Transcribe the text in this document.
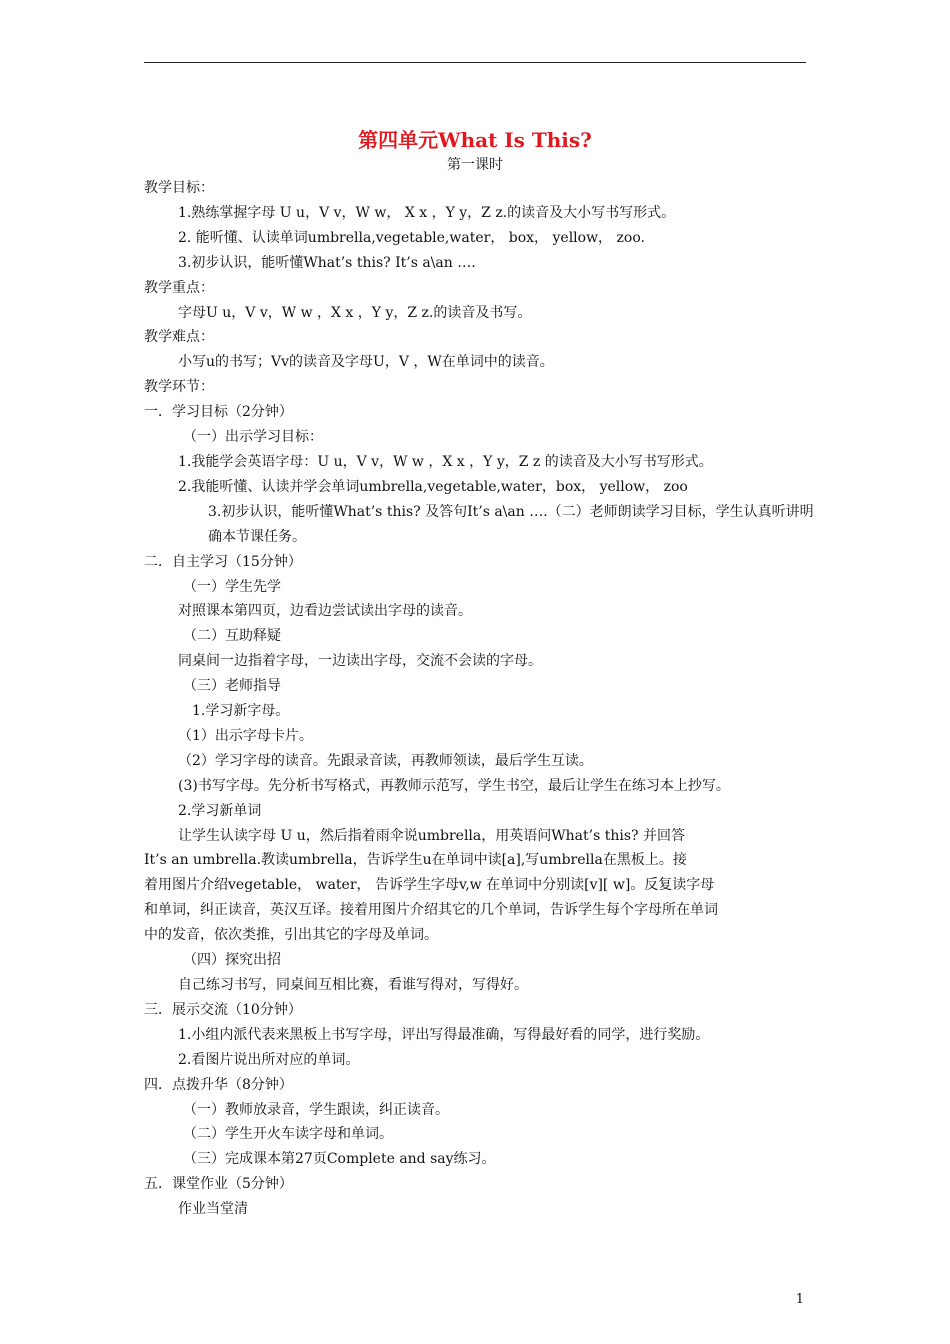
第四单元What Is This?
第一课时
教学目标：
1.熟练掌握字母 U u，V v，W w， X x ，Y y，Z z.的读音及大小写书写形式。
2. 能听懂、认读单词umbrella,vegetable,water， box， yellow， zoo.
3.初步认识，能听懂What’s this? It’s a\an ….
教学重点：
字母U u，V v，W w ，X x ，Y y，Z z.的读音及书写。
教学难点：
小写u的书写；Vv的读音及字母U，V ，W在单词中的读音。
教学环节：
一．学习目标（2分钟）
（一）出示学习目标：
1.我能学会英语字母：U u，V v，W w ，X x ，Y y，Z z 的读音及大小写书写形式。
2.我能听懂、认读并学会单词umbrella,vegetable,water，box， yellow， zoo
3.初步认识，能听懂What’s this? 及答句It’s a\an ….（二）老师朗读学习目标，学生认真听讲明确本节课任务。
二．自主学习（15分钟）
（一）学生先学
对照课本第四页，边看边尝试读出字母的读音。
（二）互助释疑
同桌间一边指着字母，一边读出字母，交流不会读的字母。
（三）老师指导
1.学习新字母。
（1）出示字母卡片。
（2）学习字母的读音。先跟录音读，再教师领读，最后学生互读。
(3)书写字母。先分析书写格式，再教师示范写，学生书空，最后让学生在练习本上抄写。
2.学习新单词
让学生认读字母 U u，然后指着雨伞说umbrella，用英语问What’s this? 并回答
It’s an umbrella.教读umbrella，告诉学生u在单词中读[a],写umbrella在黑板上。接
着用图片介绍vegetable， water， 告诉学生字母v,w 在单词中分别读[v][ w]。反复读字母
和单词，纠正读音，英汉互译。接着用图片介绍其它的几个单词，告诉学生每个字母所在单词
中的发音，依次类推，引出其它的字母及单词。
（四）探究出招
自己练习书写，同桌间互相比赛，看谁写得对，写得好。
三．展示交流（10分钟）
1.小组内派代表来黑板上书写字母，评出写得最准确，写得最好看的同学，进行奖励。
2.看图片说出所对应的单词。
四．点拨升华（8分钟）
（一）教师放录音，学生跟读，纠正读音。
（二）学生开火车读字母和单词。
（三）完成课本第27页Complete and say练习。
五．课堂作业（5分钟）
作业当堂清
1
